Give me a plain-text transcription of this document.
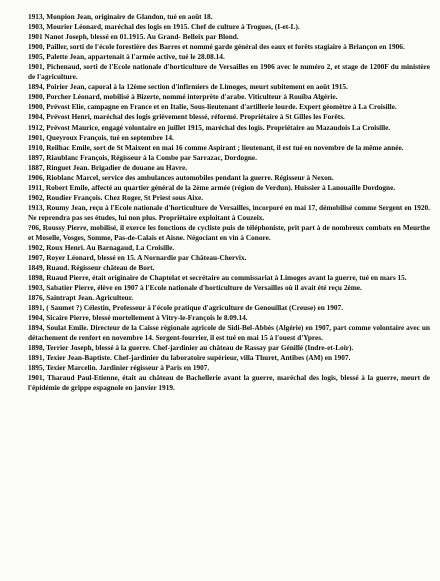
1913, Monpion Jean, originaire de Glandon, tué en août 18.

1903, Mourier Léonard, maréchal des logis en 1915. Chef de culture à Trogues, (I-et-L).

1901 Nanot Joseph, blessé en 01.1915. Au Grand- Belleix par Blond.

1900, Pailler, sorti de l'école forestière des Barres et nommé garde général des eaux et forêts stagiaire à Briançon en 1906.

1905, Palette Jean, appartenait à l'armée active, tué le 28.08.14.

1901, Pichenaud, sorti de l'Ecole nationale d'horticulture de Versailles en 1906 avec le numéro 2, et stage de 1200F du ministère de l'agriculture.

1894, Poirier Jean, caporal à la 12ème section d'infirmiers de Limoges, meurt subitement en août 1915.

1900, Porcher Léonard, mobilisé à Bizerte, nommé interprète d'arabe. Viticulteur à Rouïba Algérie.

1900, Prévost Elie, campagne en France et en Italie, Sous-lieutenant d'artillerie lourde. Expert géomètre à La Croisille.

1904, Prévost Henri, maréchal des logis grièvement blessé, réformé. Propriétaire à St Gilles les Forêts.

1912, Prévost Maurice, engagé volontaire en juillet 1915, maréchal des logis. Propriétaire au Mazaudois La Croisille.

1901, Queyroux François, tué en septembre 14.

1910, Reilhac Emile, sort de St Maixent en mai 16 comme Aspirant ; lieutenant, il est tué en novembre de la même année.

1897, Riaublanc François, Régisseur à la Combe par Sarrazac, Dordogne.

1887, Ringuet Jean. Brigadier de douane au Havre.

1906, Rioblanc Marcel, service des ambulances automobiles pendant la guerre. Régisseur à Nexon.

1911, Robert Emile, affecté au quartier général de la 2ème armée (région de Verdun). Huissier à Lanouaille Dordogne.

1902, Roudier François. Chez Roger, St Priest sous Aixe.

1913, Roumy Jean, reçu à l'Ecole nationale d'horticulture de Versailles, incorporé en mai 17, démobilisé comme Sergent en 1920. Ne reprendra pas ses études, lui non plus. Propriétaire exploitant à Couzeix.

?06, Roussy Pierre, mobilisé, il exerce les fonctions de cycliste puis de téléphoniste, prit part à de nombreux combats en Meurthe et Moselle, Vosges, Somme, Pas-de-Calais et Aisne. Négociant en vin à Conore.

1902, Roux Henri. Au Barnagaud, La Croisille.

1907, Royer Léonard, blessé en 15. A Nornardie par Château-Chervix.

1849, Ruaud. Régisseur château de Bort.

1898, Ruaud Pierre, était originaire de Chaptelat et secrétaire au commissariat à Limoges avant la guerre, tué en mars 15.

1903, Sabatier Pierre, élève en 1907 à l'Ecole nationale d'horticulture de Versailles où il avait été reçu 2ème.

1876, Saintrapt Jean. Agriculteur.

1891, ( Saumet ?) Célestin, Professeur à l'école pratique d'agriculture de Genouillat (Creuse) en 1907.

1904, Sicaire Pierre, blessé mortellement à Vitry-le-François le 8.09.14.

1894, Soulat Emile. Directeur de la Caisse régionale agricole de Sidi-Bel-Abbès (Algérie) en 1907, part comme volontaire avec un détachement de renfort en novembre 14. Sergent-fourrier, il est tué en mai 15 à l'ouest d'Ypres.

1898, Terrier Joseph, blessé à la guerre. Chef-jardinier au château de Rassay par Génillé (Indre-et-Loir).

1891, Texier Jean-Baptiste. Chef-jardinier du laboratoire supérieur, villa Thuret, Antibes (AM) en 1907.

1895, Texier Marcelin. Jardinier régisseur à Paris en 1907.

1901, Tharaud Paul-Etienne, était au château de Bachellerie avant la guerre, maréchal des logis, blessé à la guerre, meurt de l'épidémie de grippe espagnole en janvier 1919.
